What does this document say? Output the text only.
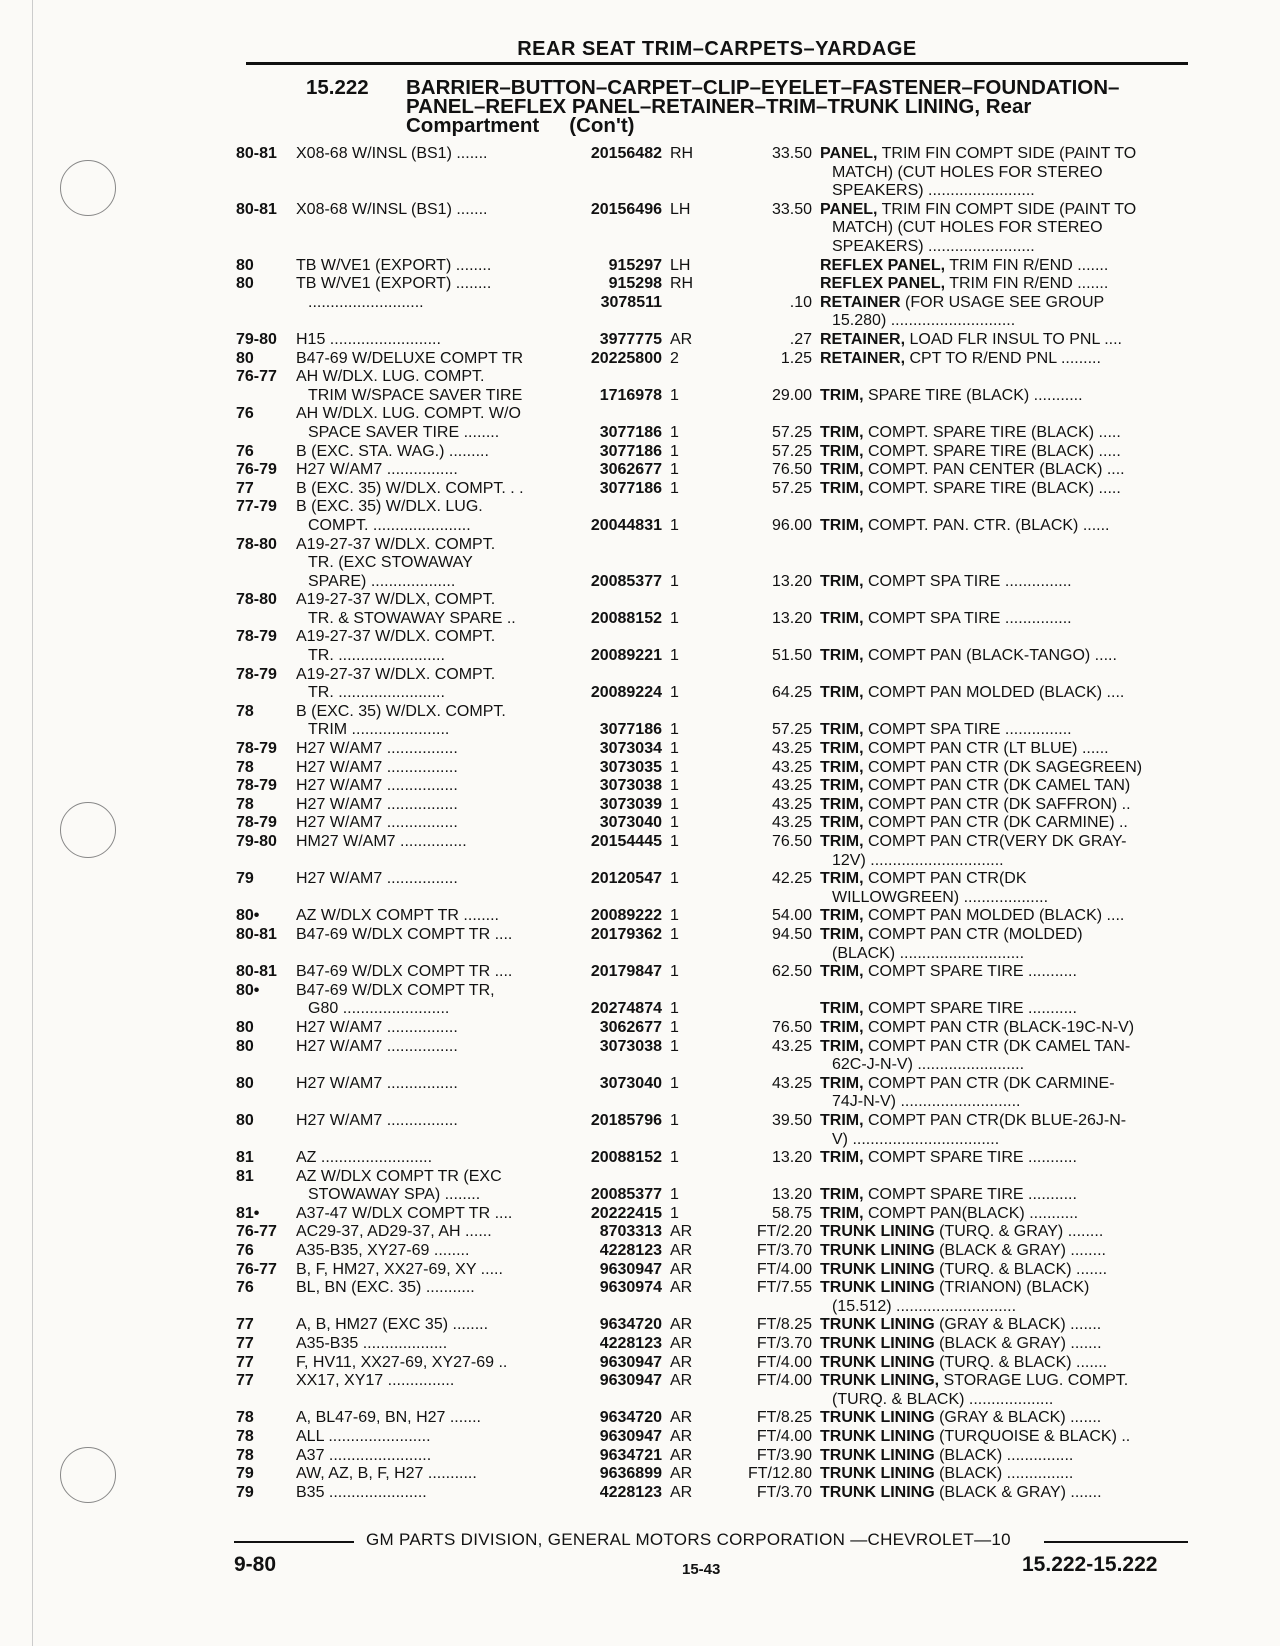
REAR SEAT TRIM–CARPETS–YARDAGE
15.222 BARRIER–BUTTON–CARPET–CLIP–EYELET–FASTENER–FOUNDATION–
PANEL–REFLEX PANEL–RETAINER–TRIM–TRUNK LINING, Rear
Compartment (Con't)
80-81	X08-68 W/INSL (BS1) .......	20156482 RH	33.50 PANEL, TRIM FIN COMPT SIDE (PAINT TO
MATCH) (CUT HOLES FOR STEREO
SPEAKERS) ........................
80-81	X08-68 W/INSL (BS1) .......	20156496 LH	33.50 PANEL, TRIM FIN COMPT SIDE (PAINT TO
MATCH) (CUT HOLES FOR STEREO
SPEAKERS) ........................
80	TB W/VE1 (EXPORT) ........	915297 LH	REFLEX PANEL, TRIM FIN R/END .......
80	TB W/VE1 (EXPORT) ........	915298 RH	REFLEX PANEL, TRIM FIN R/END .......
..........................	3078511	.10 RETAINER (FOR USAGE SEE GROUP
15.280) ............................
79-80	H15 .........................	3977775 AR	.27 RETAINER, LOAD FLR INSUL TO PNL ....
80	B47-69 W/DELUXE COMPT TR	20225800 2	1.25 RETAINER, CPT TO R/END PNL .........
76-77	AH W/DLX. LUG. COMPT.
TRIM W/SPACE SAVER TIRE	1716978 1	29.00 TRIM, SPARE TIRE (BLACK) ...........
76	AH W/DLX. LUG. COMPT. W/O
SPACE SAVER TIRE ........	3077186 1	57.25 TRIM, COMPT. SPARE TIRE (BLACK) .....
76	B (EXC. STA. WAG.) .........	3077186 1	57.25 TRIM, COMPT. SPARE TIRE (BLACK) .....
76-79	H27 W/AM7 ................	3062677 1	76.50 TRIM, COMPT. PAN CENTER (BLACK) ....
77	B (EXC. 35) W/DLX. COMPT. . .	3077186 1	57.25 TRIM, COMPT. SPARE TIRE (BLACK) .....
77-79	B (EXC. 35) W/DLX. LUG.
COMPT. ......................	20044831 1	96.00 TRIM, COMPT. PAN. CTR. (BLACK) ......
78-80	A19-27-37 W/DLX. COMPT.
TR. (EXC STOWAWAY
SPARE) ...................	20085377 1	13.20 TRIM, COMPT SPA TIRE ...............
78-80	A19-27-37 W/DLX, COMPT.
TR. & STOWAWAY SPARE ..	20088152 1	13.20 TRIM, COMPT SPA TIRE ...............
78-79	A19-27-37 W/DLX. COMPT.
TR. ........................	20089221 1	51.50 TRIM, COMPT PAN (BLACK-TANGO) .....
78-79	A19-27-37 W/DLX. COMPT.
TR. ........................	20089224 1	64.25 TRIM, COMPT PAN MOLDED (BLACK) ....
78	B (EXC. 35) W/DLX. COMPT.
TRIM ......................	3077186 1	57.25 TRIM, COMPT SPA TIRE ...............
78-79	H27 W/AM7 ................	3073034 1	43.25 TRIM, COMPT PAN CTR (LT BLUE) ......
78	H27 W/AM7 ................	3073035 1	43.25 TRIM, COMPT PAN CTR (DK SAGEGREEN)
78-79	H27 W/AM7 ................	3073038 1	43.25 TRIM, COMPT PAN CTR (DK CAMEL TAN)
78	H27 W/AM7 ................	3073039 1	43.25 TRIM, COMPT PAN CTR (DK SAFFRON) ..
78-79	H27 W/AM7 ................	3073040 1	43.25 TRIM, COMPT PAN CTR (DK CARMINE) ..
79-80	HM27 W/AM7 ...............	20154445 1	76.50 TRIM, COMPT PAN CTR(VERY DK GRAY-
12V) ..............................
79	H27 W/AM7 ................	20120547 1	42.25 TRIM, COMPT PAN CTR(DK
WILLOWGREEN) ...................
80•	AZ W/DLX COMPT TR ........	20089222 1	54.00 TRIM, COMPT PAN MOLDED (BLACK) ....
80-81	B47-69 W/DLX COMPT TR ....	20179362 1	94.50 TRIM, COMPT PAN CTR (MOLDED)
(BLACK) ............................
80-81	B47-69 W/DLX COMPT TR ....	20179847 1	62.50 TRIM, COMPT SPARE TIRE ...........
80•	B47-69 W/DLX COMPT TR,
G80 ........................	20274874 1	TRIM, COMPT SPARE TIRE ...........
80	H27 W/AM7 ................	3062677 1	76.50 TRIM, COMPT PAN CTR (BLACK-19C-N-V)
80	H27 W/AM7 ................	3073038 1	43.25 TRIM, COMPT PAN CTR (DK CAMEL TAN-
62C-J-N-V) ........................
80	H27 W/AM7 ................	3073040 1	43.25 TRIM, COMPT PAN CTR (DK CARMINE-
74J-N-V) ...........................
80	H27 W/AM7 ................	20185796 1	39.50 TRIM, COMPT PAN CTR(DK BLUE-26J-N-
V) .................................
81	AZ .........................	20088152 1	13.20 TRIM, COMPT SPARE TIRE ...........
81	AZ W/DLX COMPT TR (EXC
STOWAWAY SPA) ........	20085377 1	13.20 TRIM, COMPT SPARE TIRE ...........
81•	A37-47 W/DLX COMPT TR ....	20222415 1	58.75 TRIM, COMPT PAN(BLACK) ...........
76-77	AC29-37, AD29-37, AH ......	8703313 AR	FT/2.20 TRUNK LINING (TURQ. & GRAY) ........
76	A35-B35, XY27-69 ........	4228123 AR	FT/3.70 TRUNK LINING (BLACK & GRAY) ........
76-77	B, F, HM27, XX27-69, XY .....	9630947 AR	FT/4.00 TRUNK LINING (TURQ. & BLACK) .......
76	BL, BN (EXC. 35) ...........	9630974 AR	FT/7.55 TRUNK LINING (TRIANON) (BLACK)
(15.512) ...........................
77	A, B, HM27 (EXC 35) ........	9634720 AR	FT/8.25 TRUNK LINING (GRAY & BLACK) .......
77	A35-B35 ...................	4228123 AR	FT/3.70 TRUNK LINING (BLACK & GRAY) .......
77	F, HV11, XX27-69, XY27-69 ..	9630947 AR	FT/4.00 TRUNK LINING (TURQ. & BLACK) .......
77	XX17, XY17 ...............	9630947 AR	FT/4.00 TRUNK LINING, STORAGE LUG. COMPT.
(TURQ. & BLACK) ...................
78	A, BL47-69, BN, H27 .......	9634720 AR	FT/8.25 TRUNK LINING (GRAY & BLACK) .......
78	ALL .......................	9630947 AR	FT/4.00 TRUNK LINING (TURQUOISE & BLACK) ..
78	A37 .......................	9634721 AR	FT/3.90 TRUNK LINING (BLACK) ...............
79	AW, AZ, B, F, H27 ...........	9636899 AR	FT/12.80 TRUNK LINING (BLACK) ...............
79	B35 ......................	4228123 AR	FT/3.70 TRUNK LINING (BLACK & GRAY) .......
GM PARTS DIVISION, GENERAL MOTORS CORPORATION —CHEVROLET—10
9-80	15-43	15.222-15.222
